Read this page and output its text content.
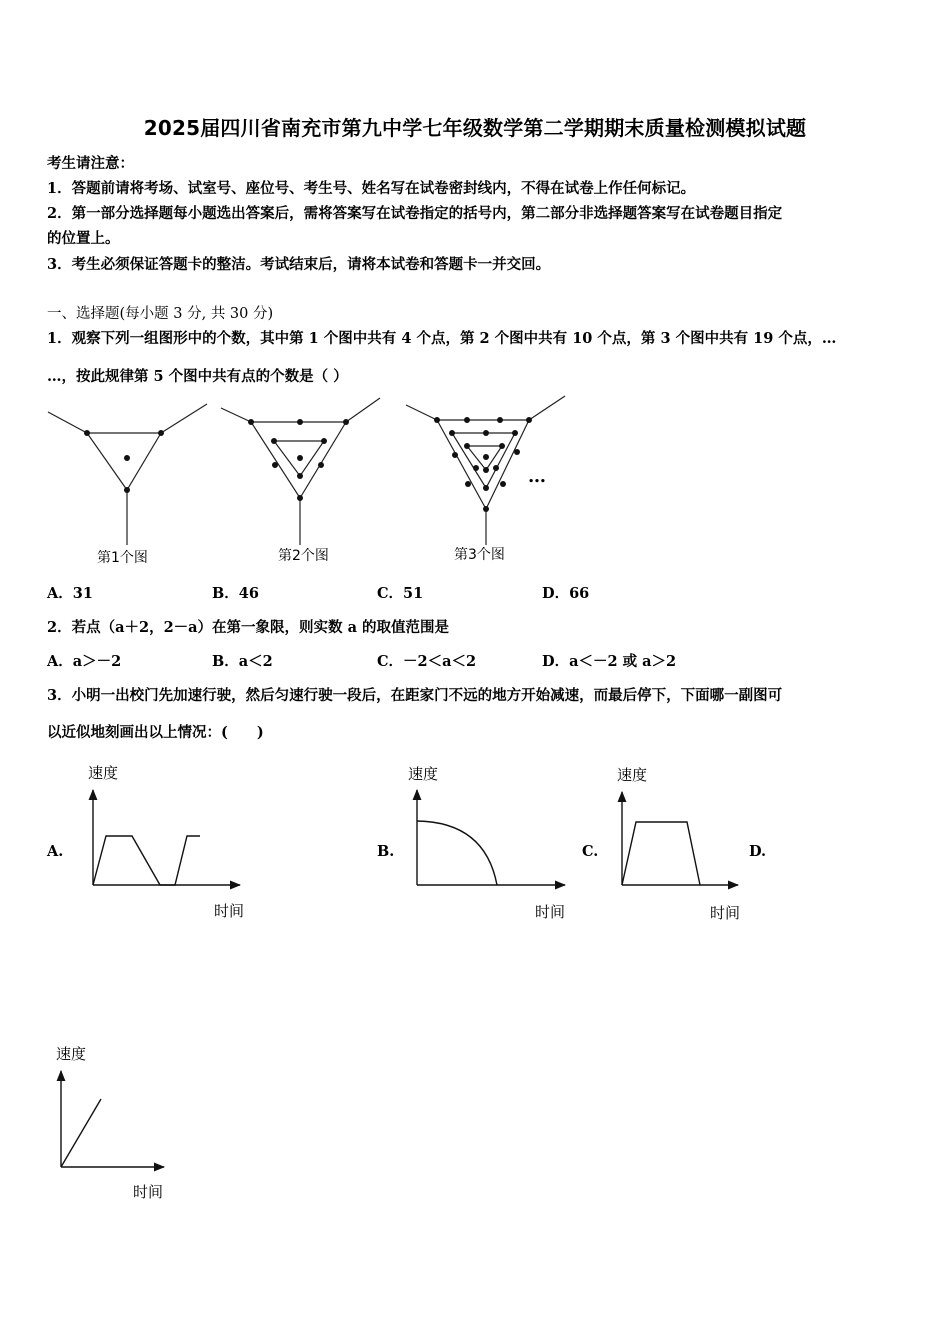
2025届四川省南充市第九中学七年级数学第二学期期末质量检测模拟试题
考生请注意：
1．答题前请将考场、试室号、座位号、考生号、姓名写在试卷密封线内，不得在试卷上作任何标记。
2．第一部分选择题每小题选出答案后，需将答案写在试卷指定的括号内，第二部分非选择题答案写在试卷题目指定
的位置上。
3．考生必须保证答题卡的整洁。考试结束后，请将本试卷和答题卡一并交回。
一、选择题(每小题 3 分, 共 30 分)
1．观察下列一组图形中的个数，其中第 1 个图中共有 4 个点，第 2 个图中共有 10 个点，第 3 个图中共有 19 个点，…
…，按此规律第 5 个图中共有点的个数是（ ）
…
第1个图	第2个图	第3个图
A．31	B．46	C．51	D．66
2．若点（a＋2，2－a）在第一象限，则实数 a 的取值范围是
A．a＞－2	B．a＜2	C．－2＜a＜2	D．a＜－2 或 a＞2
3．小明一出校门先加速行驶，然后匀速行驶一段后，在距家门不远的地方开始减速，而最后停下，下面哪一副图可
以近似地刻画出以上情况：(　　)
A.	B.	C.	D.
速度
时间
速度
时间
速度
时间
速度
时间
